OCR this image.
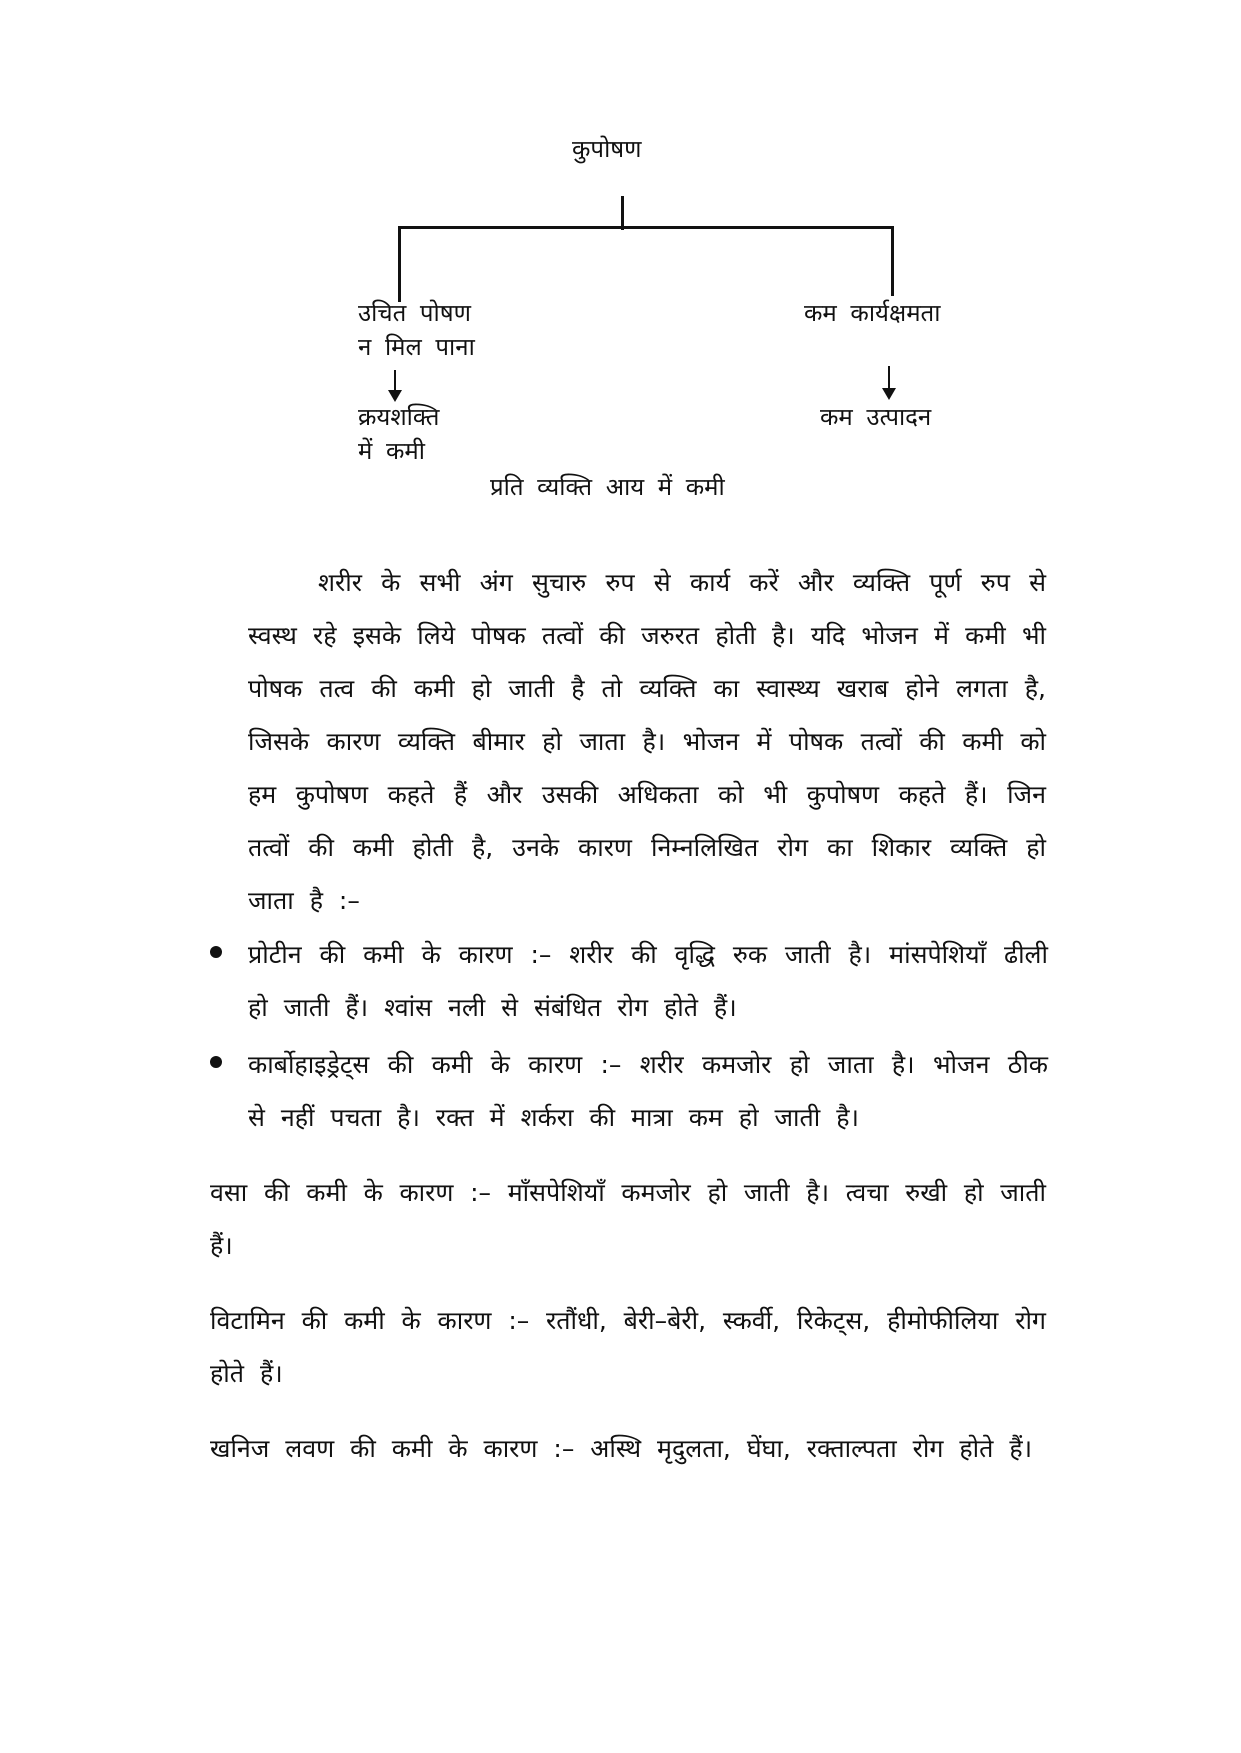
कुपोषण
उचित पोषण
न मिल पाना
कम कार्यक्षमता
क्रयशक्ति
में कमी
कम उत्पादन
प्रति व्यक्ति आय में कमी

शरीर के सभी अंग सुचारु रुप से कार्य करें और व्यक्ति पूर्ण रुप से स्वस्थ रहे इसके लिये पोषक तत्वों की जरुरत होती है। यदि भोजन में कमी भी पोषक तत्व की कमी हो जाती है तो व्यक्ति का स्वास्थ्य खराब होने लगता है, जिसके कारण व्यक्ति बीमार हो जाता है। भोजन में पोषक तत्वों की कमी को हम कुपोषण कहते हैं और उसकी अधिकता को भी कुपोषण कहते हैं। जिन तत्वों की कमी होती है, उनके कारण निम्नलिखित रोग का शिकार व्यक्ति हो जाता है :–

प्रोटीन की कमी के कारण :– शरीर की वृद्धि रुक जाती है। मांसपेशियाँ ढीली हो जाती हैं। श्वांस नली से संबंधित रोग होते हैं।
कार्बोहाइड्रेट्स की कमी के कारण :– शरीर कमजोर हो जाता है। भोजन ठीक से नहीं पचता है। रक्त में शर्करा की मात्रा कम हो जाती है।

वसा की कमी के कारण :– माँसपेशियाँ कमजोर हो जाती है। त्वचा रुखी हो जाती हैं।

विटामिन की कमी के कारण :– रतौंधी, बेरी–बेरी, स्कर्वी, रिकेट्स, हीमोफीलिया रोग होते हैं।

खनिज लवण की कमी के कारण :– अस्थि मृदुलता, घेंघा, रक्ताल्पता रोग होते हैं।
